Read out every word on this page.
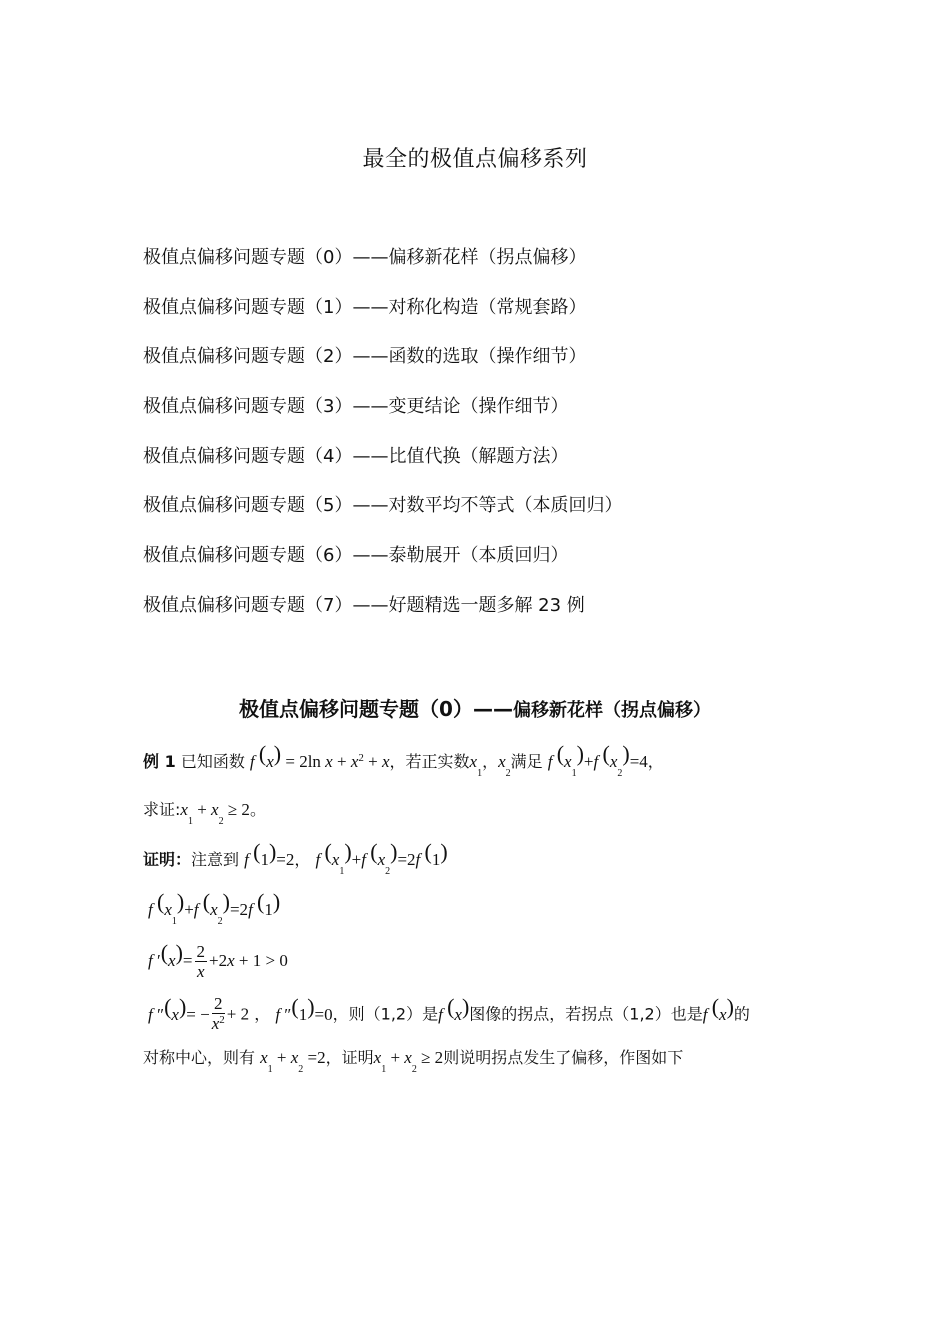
最全的极值点偏移系列
极值点偏移问题专题（0）——偏移新花样（拐点偏移）
极值点偏移问题专题（1）——对称化构造（常规套路）
极值点偏移问题专题（2）——函数的选取（操作细节）
极值点偏移问题专题（3）——变更结论（操作细节）
极值点偏移问题专题（4）——比值代换（解题方法）
极值点偏移问题专题（5）——对数平均不等式（本质回归）
极值点偏移问题专题（6）——泰勒展开（本质回归）
极值点偏移问题专题（7）——好题精选一题多解 23 例
极值点偏移问题专题（0）——偏移新花样（拐点偏移）
例 1 已知函数 f (x) = 2ln $x + x^2 + x$，若正实数$x_1$，$x_2$满足 f $(x_1)+f$ $(x_2)=4$，
求证$:x_1 + x_2 \ge 2$。
证明：注意到 f (1)=2， f $(x_1)+f$ $(x_2)=2f$ (1)
f $(x_1)+f$ $(x_2)=2f$ (1)
f $'(x)= \frac{2}{x} +2x + 1 > 0$
f $''(x)= - \frac{2}{x^2} + 2$ ， f ″(1)=0，则（1,2）是f (x)图像的拐点，若拐点（1,2）也是f (x)的
对称中心，则有 $x_1 + x_2 =2$，证明$x_1 + x_2 \ge 2$则说明拐点发生了偏移，作图如下
